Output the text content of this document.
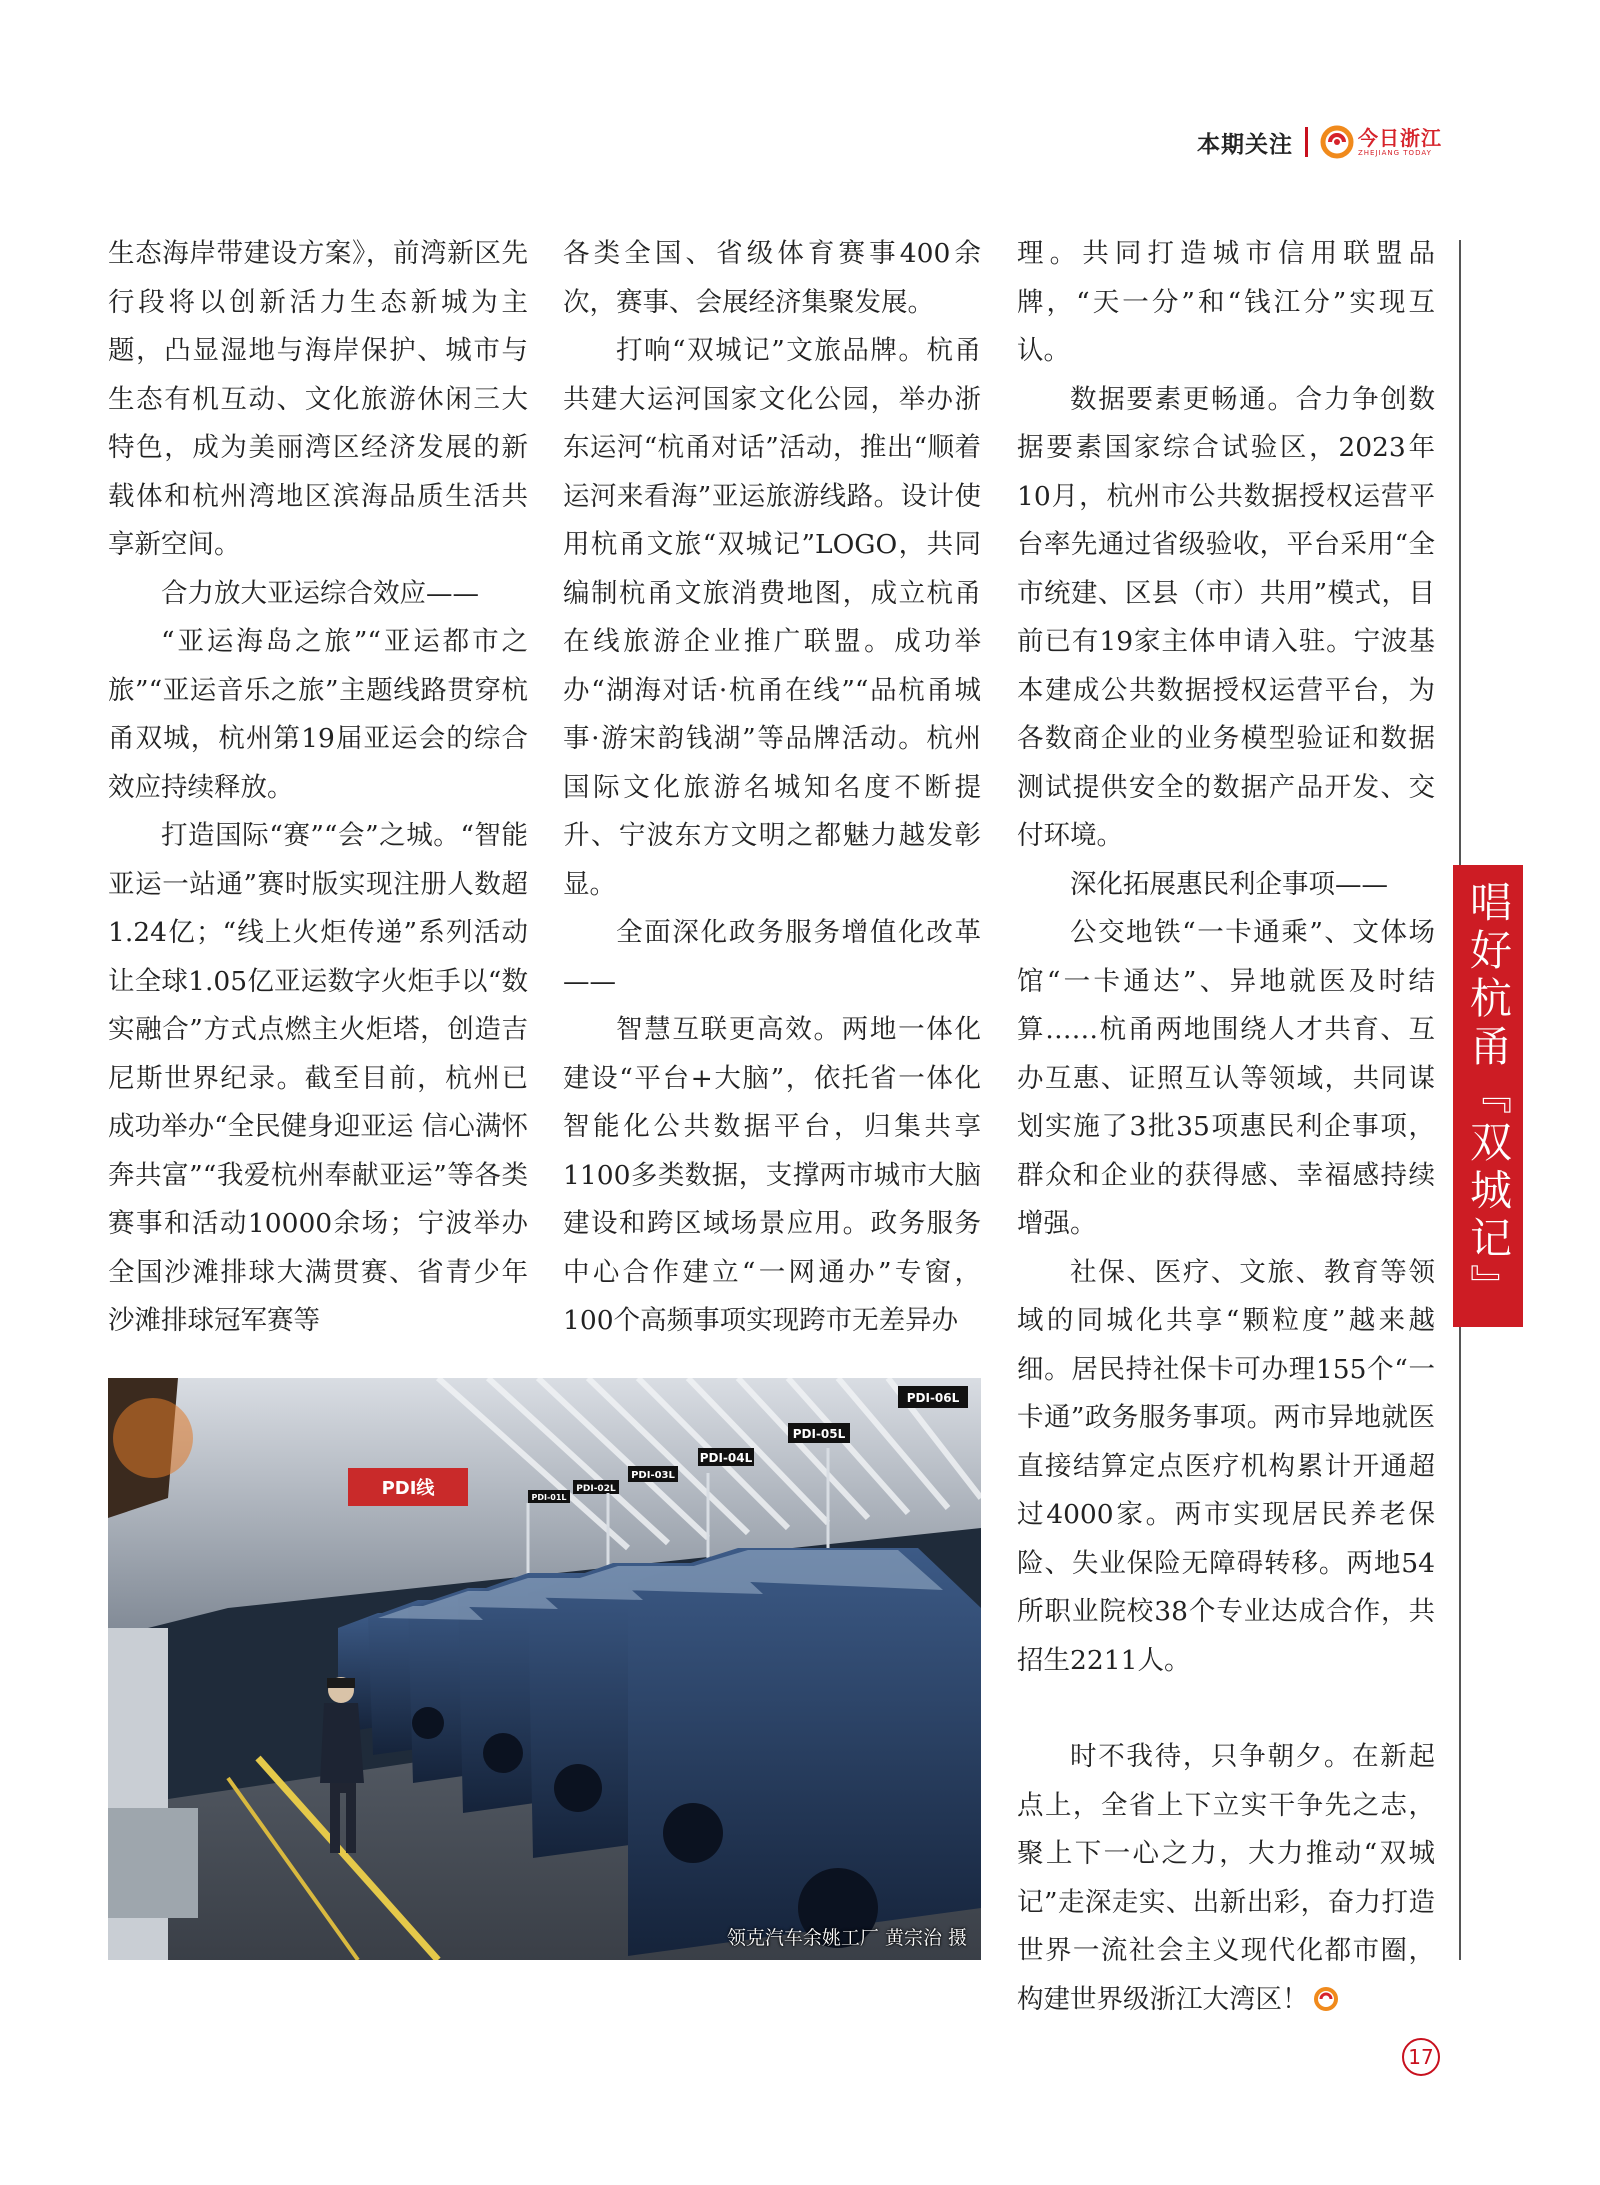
本期关注	今日浙江
ZHEJIANG TODAY

生态海岸带建设方案》，前湾新区先行段将以创新活力生态新城为主题，凸显湿地与海岸保护、城市与生态有机互动、文化旅游休闲三大特色，成为美丽湾区经济发展的新载体和杭州湾地区滨海品质生活共享新空间。

合力放大亚运综合效应——

“亚运海岛之旅”“亚运都市之旅”“亚运音乐之旅”主题线路贯穿杭甬双城，杭州第19届亚运会的综合效应持续释放。

打造国际“赛”“会”之城。“智能亚运一站通”赛时版实现注册人数超1.24亿；“线上火炬传递”系列活动让全球1.05亿亚运数字火炬手以“数实融合”方式点燃主火炬塔，创造吉尼斯世界纪录。截至目前，杭州已成功举办“全民健身迎亚运 信心满怀奔共富”“我爱杭州奉献亚运”等各类赛事和活动10000余场；宁波举办全国沙滩排球大满贯赛、省青少年沙滩排球冠军赛等

各类全国、省级体育赛事400余次，赛事、会展经济集聚发展。

打响“双城记”文旅品牌。杭甬共建大运河国家文化公园，举办浙东运河“杭甬对话”活动，推出“顺着运河来看海”亚运旅游线路。设计使用杭甬文旅“双城记”LOGO，共同编制杭甬文旅消费地图，成立杭甬在线旅游企业推广联盟。成功举办“湖海对话·杭甬在线”“品杭甬城事·游宋韵钱湖”等品牌活动。杭州国际文化旅游名城知名度不断提升、宁波东方文明之都魅力越发彰显。

全面深化政务服务增值化改革——

智慧互联更高效。两地一体化建设“平台+大脑”，依托省一体化智能化公共数据平台，归集共享1100多类数据，支撑两市城市大脑建设和跨区域场景应用。政务服务中心合作建立“一网通办”专窗，100个高频事项实现跨市无差异办

理。共同打造城市信用联盟品牌，“天一分”和“钱江分”实现互认。

数据要素更畅通。合力争创数据要素国家综合试验区，2023年10月，杭州市公共数据授权运营平台率先通过省级验收，平台采用“全市统建、区县（市）共用”模式，目前已有19家主体申请入驻。宁波基本建成公共数据授权运营平台，为各数商企业的业务模型验证和数据测试提供安全的数据产品开发、交付环境。

深化拓展惠民利企事项——

公交地铁“一卡通乘”、文体场馆“一卡通达”、异地就医及时结算……杭甬两地围绕人才共育、互办互惠、证照互认等领域，共同谋划实施了3批35项惠民利企事项，群众和企业的获得感、幸福感持续增强。

社保、医疗、文旅、教育等领域的同城化共享“颗粒度”越来越细。居民持社保卡可办理155个“一卡通”政务服务事项。两市异地就医直接结算定点医疗机构累计开通超过4000家。两市实现居民养老保险、失业保险无障碍转移。两地54所职业院校38个专业达成合作，共招生2211人。

时不我待，只争朝夕。在新起点上，全省上下立实干争先之志，聚上下一心之力，大力推动“双城记”走深走实、出新出彩，奋力打造世界一流社会主义现代化都市圈，构建世界级浙江大湾区！

唱好杭甬『双城记』
PDI线
PDI-06L
PDI-05L
PDI-04L
PDI-03L
PDI-02L
PDI-01L
领克汽车余姚工厂 黄宗治 摄
17
